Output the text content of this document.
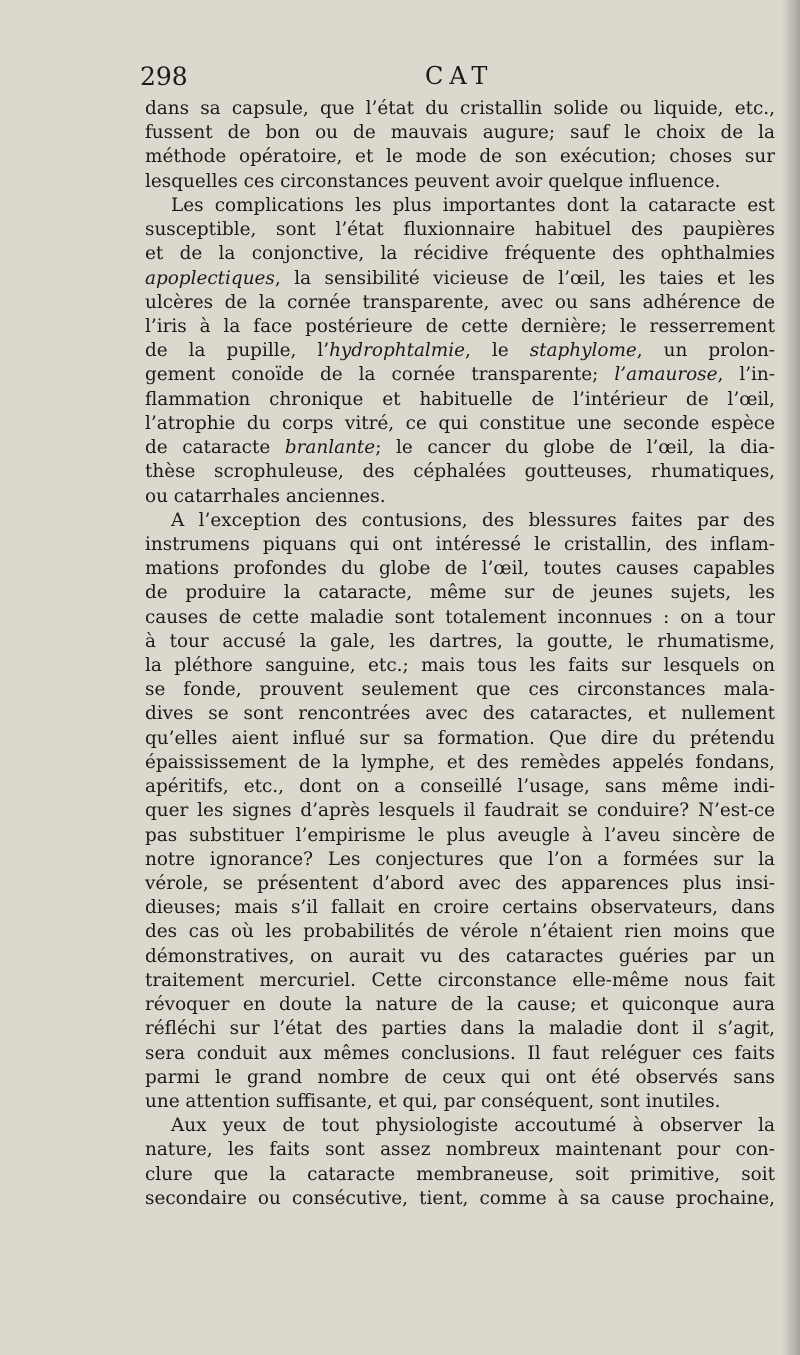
298	CAT
dans sa capsule, que l’état du cristallin solide ou liquide, etc.,
fussent de bon ou de mauvais augure; sauf le choix de la
méthode opératoire, et le mode de son exécution; choses sur
lesquelles ces circonstances peuvent avoir quelque influence.
Les complications les plus importantes dont la cataracte est
susceptible, sont l’état fluxionnaire habituel des paupières
et de la conjonctive, la récidive fréquente des ophthalmies
apoplectiques, la sensibilité vicieuse de l’œil, les taies et les
ulcères de la cornée transparente, avec ou sans adhérence de
l’iris à la face postérieure de cette dernière; le resserrement
de la pupille, l’hydrophtalmie, le staphylome, un prolon-
gement conoïde de la cornée transparente; l’amaurose, l’in-
flammation chronique et habituelle de l’intérieur de l’œil,
l’atrophie du corps vitré, ce qui constitue une seconde espèce
de cataracte branlante; le cancer du globe de l’œil, la dia-
thèse scrophuleuse, des céphalées goutteuses, rhumatiques,
ou catarrhales anciennes.
A l’exception des contusions, des blessures faites par des
instrumens piquans qui ont intéressé le cristallin, des inflam-
mations profondes du globe de l’œil, toutes causes capables
de produire la cataracte, même sur de jeunes sujets, les
causes de cette maladie sont totalement inconnues : on a tour
à tour accusé la gale, les dartres, la goutte, le rhumatisme,
la pléthore sanguine, etc.; mais tous les faits sur lesquels on
se fonde, prouvent seulement que ces circonstances mala-
dives se sont rencontrées avec des cataractes, et nullement
qu’elles aient influé sur sa formation. Que dire du prétendu
épaississement de la lymphe, et des remèdes appelés fondans,
apéritifs, etc., dont on a conseillé l’usage, sans même indi-
quer les signes d’après lesquels il faudrait se conduire? N’est-ce
pas substituer l’empirisme le plus aveugle à l’aveu sincère de
notre ignorance? Les conjectures que l’on a formées sur la
vérole, se présentent d’abord avec des apparences plus insi-
dieuses; mais s’il fallait en croire certains observateurs, dans
des cas où les probabilités de vérole n’étaient rien moins que
démonstratives, on aurait vu des cataractes guéries par un
traitement mercuriel. Cette circonstance elle-même nous fait
révoquer en doute la nature de la cause; et quiconque aura
réfléchi sur l’état des parties dans la maladie dont il s’agit,
sera conduit aux mêmes conclusions. Il faut reléguer ces faits
parmi le grand nombre de ceux qui ont été observés sans
une attention suffisante, et qui, par conséquent, sont inutiles.
Aux yeux de tout physiologiste accoutumé à observer la
nature, les faits sont assez nombreux maintenant pour con-
clure que la cataracte membraneuse, soit primitive, soit
secondaire ou consécutive, tient, comme à sa cause prochaine,
